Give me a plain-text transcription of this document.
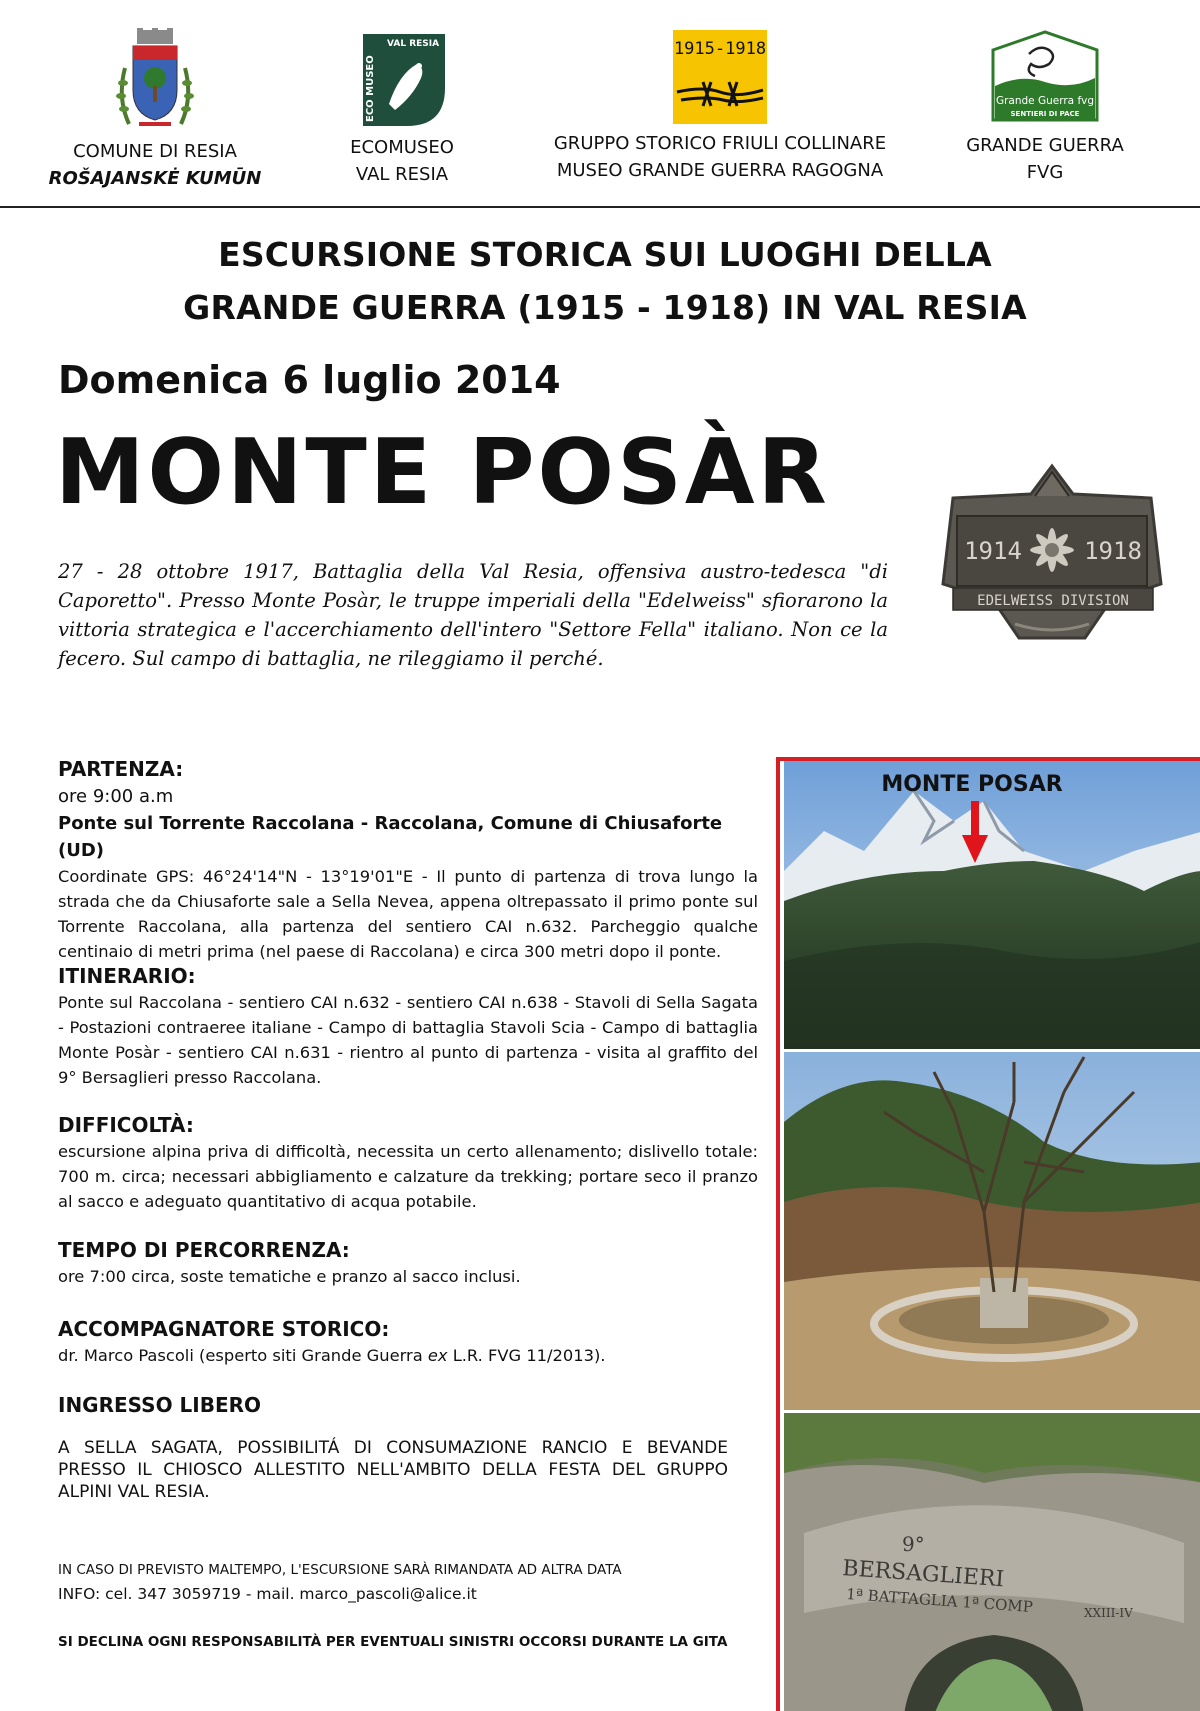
COMUNE DI RESIA
ROŠAJANSKĖ KUMŪN
ECO MUSEO
VAL RESIA
ECOMUSEO
VAL RESIA
1915-1918
GRUPPO STORICO FRIULI COLLINARE
MUSEO GRANDE GUERRA RAGOGNA
Grande Guerra fvg
SENTIERI DI PACE
GRANDE GUERRA
FVG
ESCURSIONE STORICA SUI LUOGHI DELLA
GRANDE GUERRA (1915 - 1918) IN VAL RESIA
Domenica 6 luglio 2014
MONTE POSÀR
27 - 28 ottobre 1917, Battaglia della Val Resia, offensiva austro-tedesca "di Caporetto". Presso Monte Posàr, le truppe imperiali della "Edelweiss" sfiorarono la vittoria strategica e l'accerchiamento dell'intero "Settore Fella" italiano. Non ce la fecero. Sul campo di battaglia, ne rileggiamo il perché.
1914	1918
EDELWEISS DIVISION
PARTENZA:
ore 9:00 a.m
Ponte sul Torrente Raccolana - Raccolana, Comune di Chiusaforte (UD)
Coordinate GPS: 46°24'14"N - 13°19'01"E - Il punto di partenza di trova lungo la strada che da Chiusaforte sale a Sella Nevea, appena oltrepassato il primo ponte sul Torrente Raccolana, alla partenza del sentiero CAI n.632. Parcheggio qualche centinaio di metri prima (nel paese di Raccolana) e circa 300 metri dopo il ponte.
ITINERARIO:
Ponte sul Raccolana - sentiero CAI n.632 - sentiero CAI n.638 - Stavoli di Sella Sagata - Postazioni contraeree italiane - Campo di battaglia Stavoli Scia - Campo di battaglia Monte Posàr - sentiero CAI n.631 - rientro al punto di partenza - visita al graffito del 9° Bersaglieri presso Raccolana.
DIFFICOLTÀ:
escursione alpina priva di difficoltà, necessita un certo allenamento; dislivello totale: 700 m. circa; necessari abbigliamento e calzature da trekking; portare seco il pranzo al sacco e adeguato quantitativo di acqua potabile.
TEMPO DI PERCORRENZA:
ore 7:00 circa, soste tematiche e pranzo al sacco inclusi.
ACCOMPAGNATORE STORICO:
dr. Marco Pascoli (esperto siti Grande Guerra ex L.R. FVG 11/2013).
INGRESSO LIBERO
A SELLA SAGATA, POSSIBILITÁ DI CONSUMAZIONE RANCIO E BEVANDE PRESSO IL CHIOSCO ALLESTITO NELL'AMBITO DELLA FESTA DEL GRUPPO ALPINI VAL RESIA.
IN CASO DI PREVISTO MALTEMPO, L'ESCURSIONE SARÀ RIMANDATA AD ALTRA DATA
INFO: cel. 347 3059719 - mail. marco_pascoli@alice.it
SI DECLINA OGNI RESPONSABILITÀ PER EVENTUALI SINISTRI OCCORSI DURANTE LA GITA
MONTE POSAR
9°
BERSAGLIERI
1ª BATTAGLIA 1ª COMP	XXIII-IV
